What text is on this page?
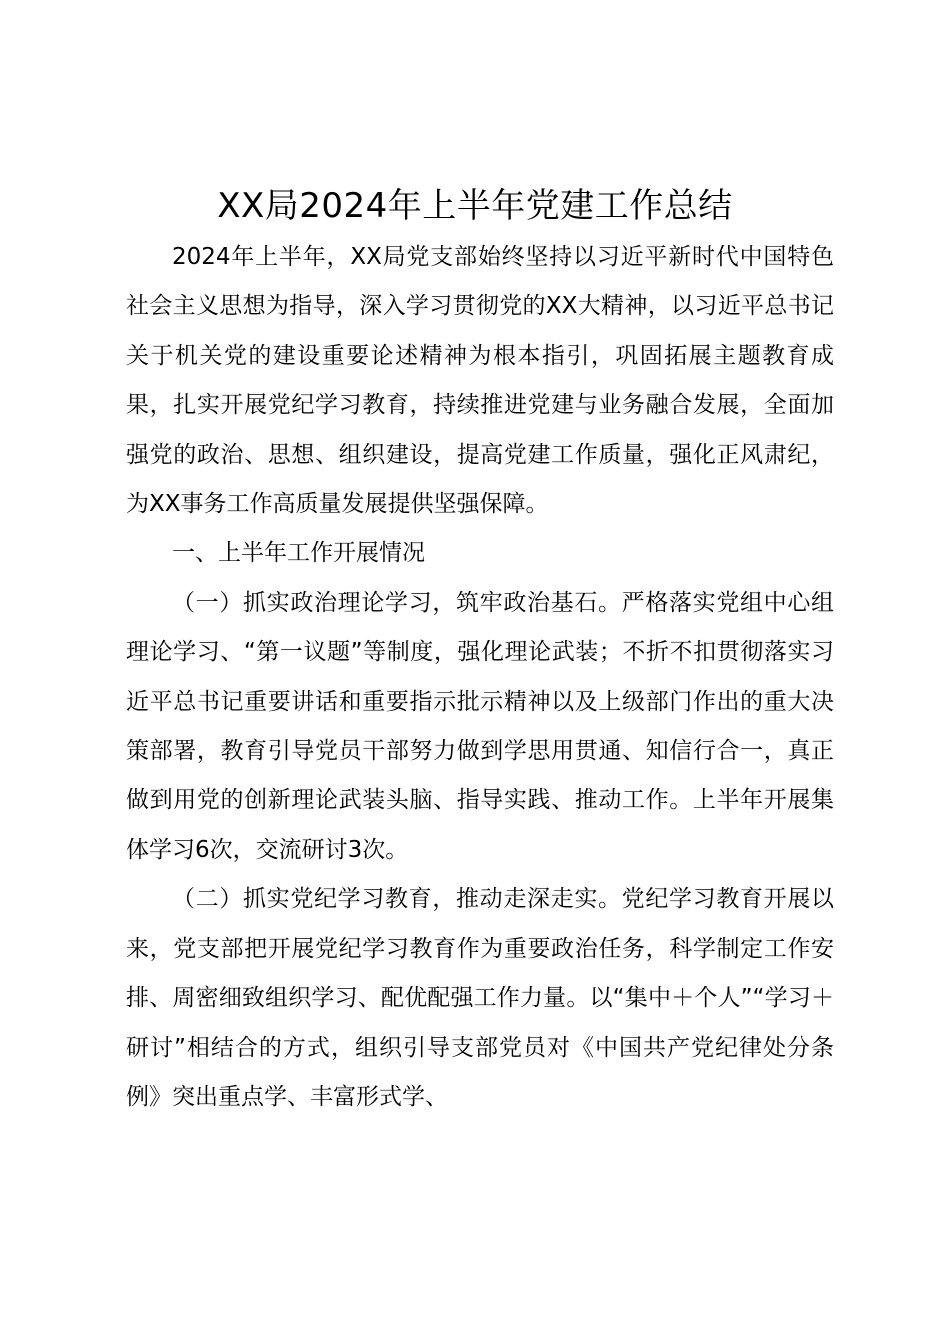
XX局2024年上半年党建工作总结

2024年上半年，XX局党支部始终坚持以习近平新时代中国特色社会主义思想为指导，深入学习贯彻党的XX大精神，以习近平总书记关于机关党的建设重要论述精神为根本指引，巩固拓展主题教育成果，扎实开展党纪学习教育，持续推进党建与业务融合发展，全面加强党的政治、思想、组织建设，提高党建工作质量，强化正风肃纪，为XX事务工作高质量发展提供坚强保障。

一、上半年工作开展情况

（一）抓实政治理论学习，筑牢政治基石。严格落实党组中心组理论学习、“第一议题”等制度，强化理论武装；不折不扣贯彻落实习近平总书记重要讲话和重要指示批示精神以及上级部门作出的重大决策部署，教育引导党员干部努力做到学思用贯通、知信行合一，真正做到用党的创新理论武装头脑、指导实践、推动工作。上半年开展集体学习6次，交流研讨3次。

（二）抓实党纪学习教育，推动走深走实。党纪学习教育开展以来，党支部把开展党纪学习教育作为重要政治任务，科学制定工作安排、周密细致组织学习、配优配强工作力量。以“集中＋个人”“学习＋研讨”相结合的方式，组织引导支部党员对《中国共产党纪律处分条例》突出重点学、丰富形式学、
